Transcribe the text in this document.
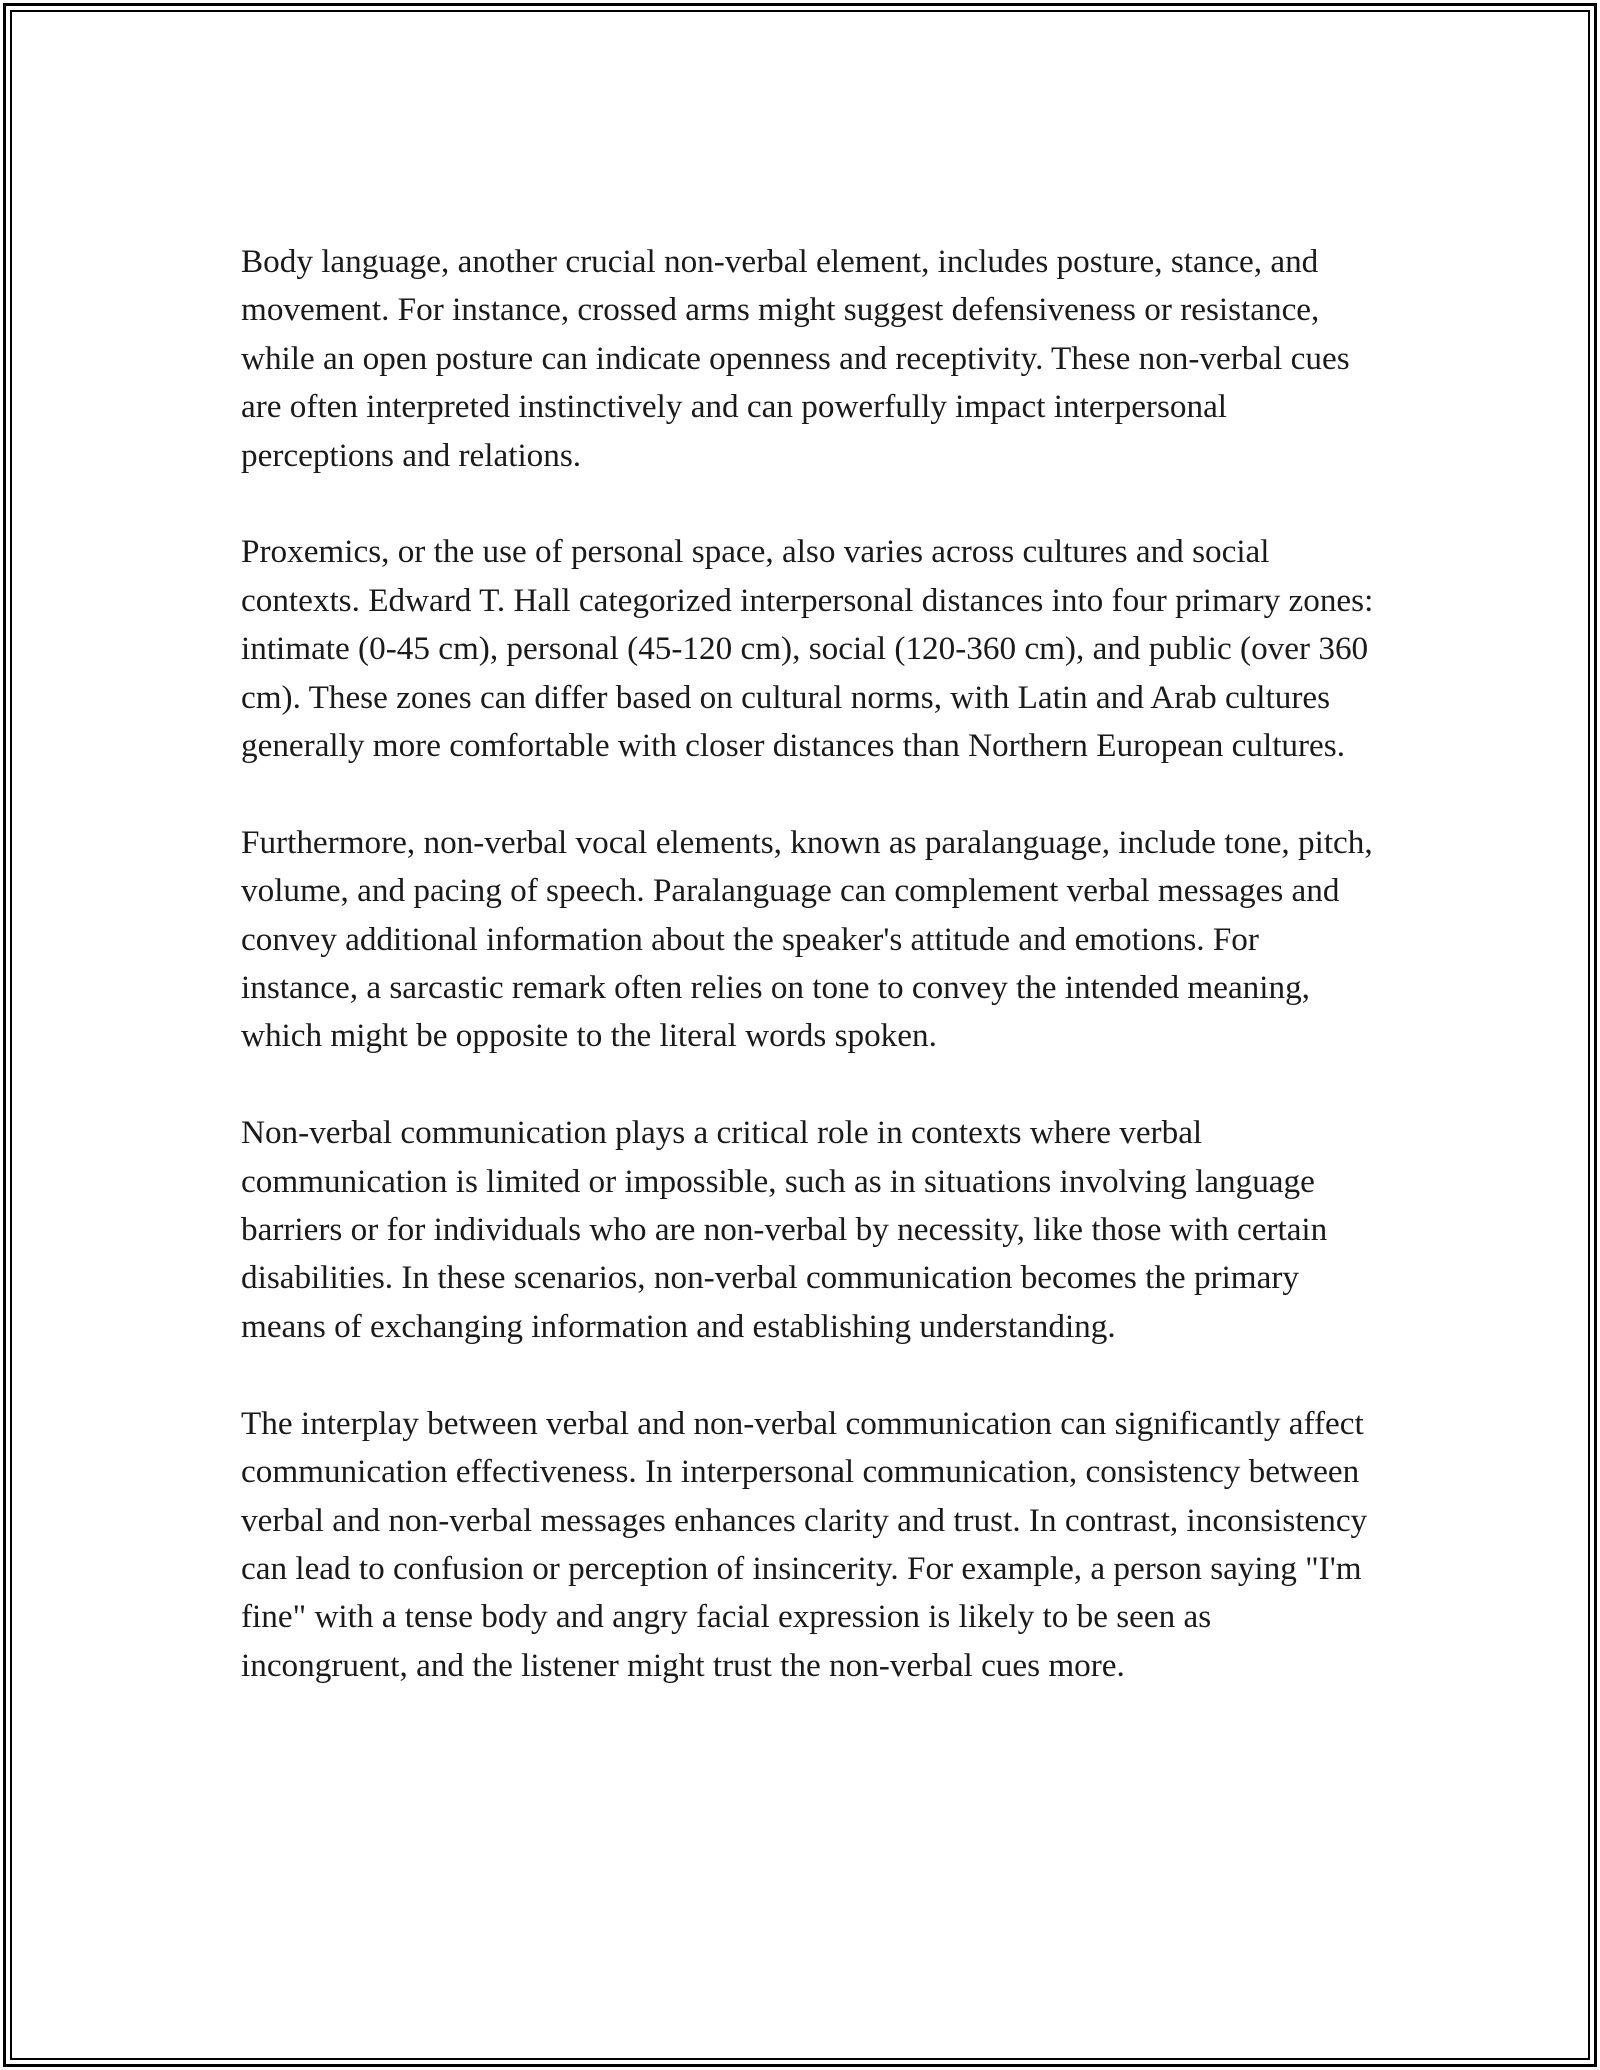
Body language, another crucial non-verbal element, includes posture, stance, and movement. For instance, crossed arms might suggest defensiveness or resistance, while an open posture can indicate openness and receptivity. These non-verbal cues are often interpreted instinctively and can powerfully impact interpersonal perceptions and relations.

Proxemics, or the use of personal space, also varies across cultures and social contexts. Edward T. Hall categorized interpersonal distances into four primary zones: intimate (0-45 cm), personal (45-120 cm), social (120-360 cm), and public (over 360 cm). These zones can differ based on cultural norms, with Latin and Arab cultures generally more comfortable with closer distances than Northern European cultures.

Furthermore, non-verbal vocal elements, known as paralanguage, include tone, pitch, volume, and pacing of speech. Paralanguage can complement verbal messages and convey additional information about the speaker's attitude and emotions. For instance, a sarcastic remark often relies on tone to convey the intended meaning, which might be opposite to the literal words spoken.

Non-verbal communication plays a critical role in contexts where verbal communication is limited or impossible, such as in situations involving language barriers or for individuals who are non-verbal by necessity, like those with certain disabilities. In these scenarios, non-verbal communication becomes the primary means of exchanging information and establishing understanding.

The interplay between verbal and non-verbal communication can significantly affect communication effectiveness. In interpersonal communication, consistency between verbal and non-verbal messages enhances clarity and trust. In contrast, inconsistency can lead to confusion or perception of insincerity. For example, a person saying "I'm fine" with a tense body and angry facial expression is likely to be seen as incongruent, and the listener might trust the non-verbal cues more.
